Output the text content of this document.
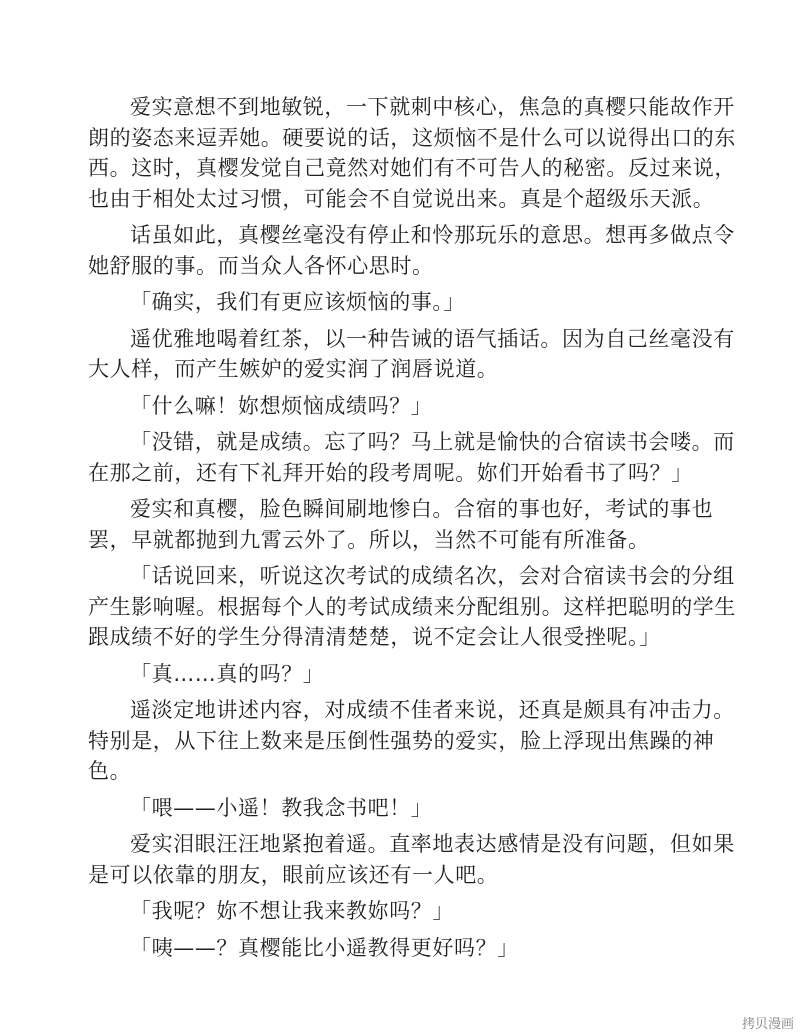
爱实意想不到地敏锐，一下就刺中核心，焦急的真樱只能故作开朗的姿态来逗弄她。硬要说的话，这烦恼不是什么可以说得出口的东西。这时，真樱发觉自己竟然对她们有不可告人的秘密。反过来说，也由于相处太过习惯，可能会不自觉说出来。真是个超级乐天派。

话虽如此，真樱丝毫没有停止和怜那玩乐的意思。想再多做点令她舒服的事。而当众人各怀心思时。

「确实，我们有更应该烦恼的事。」

遥优雅地喝着红茶，以一种告诫的语气插话。因为自己丝毫没有大人样，而产生嫉妒的爱实润了润唇说道。

「什么嘛！妳想烦恼成绩吗？」

「没错，就是成绩。忘了吗？马上就是愉快的合宿读书会喽。而在那之前，还有下礼拜开始的段考周呢。妳们开始看书了吗？」

爱实和真樱，脸色瞬间刷地惨白。合宿的事也好，考试的事也罢，早就都抛到九霄云外了。所以，当然不可能有所准备。

「话说回来，听说这次考试的成绩名次，会对合宿读书会的分组产生影响喔。根据每个人的考试成绩来分配组别。这样把聪明的学生跟成绩不好的学生分得清清楚楚，说不定会让人很受挫呢。」

「真……真的吗？」

遥淡定地讲述内容，对成绩不佳者来说，还真是颇具有冲击力。特别是，从下往上数来是压倒性强势的爱实，脸上浮现出焦躁的神色。

「喂——小遥！教我念书吧！」

爱实泪眼汪汪地紧抱着遥。直率地表达感情是没有问题，但如果是可以依靠的朋友，眼前应该还有一人吧。

「我呢？妳不想让我来教妳吗？」

「咦——？真樱能比小遥教得更好吗？」

拷贝漫画
